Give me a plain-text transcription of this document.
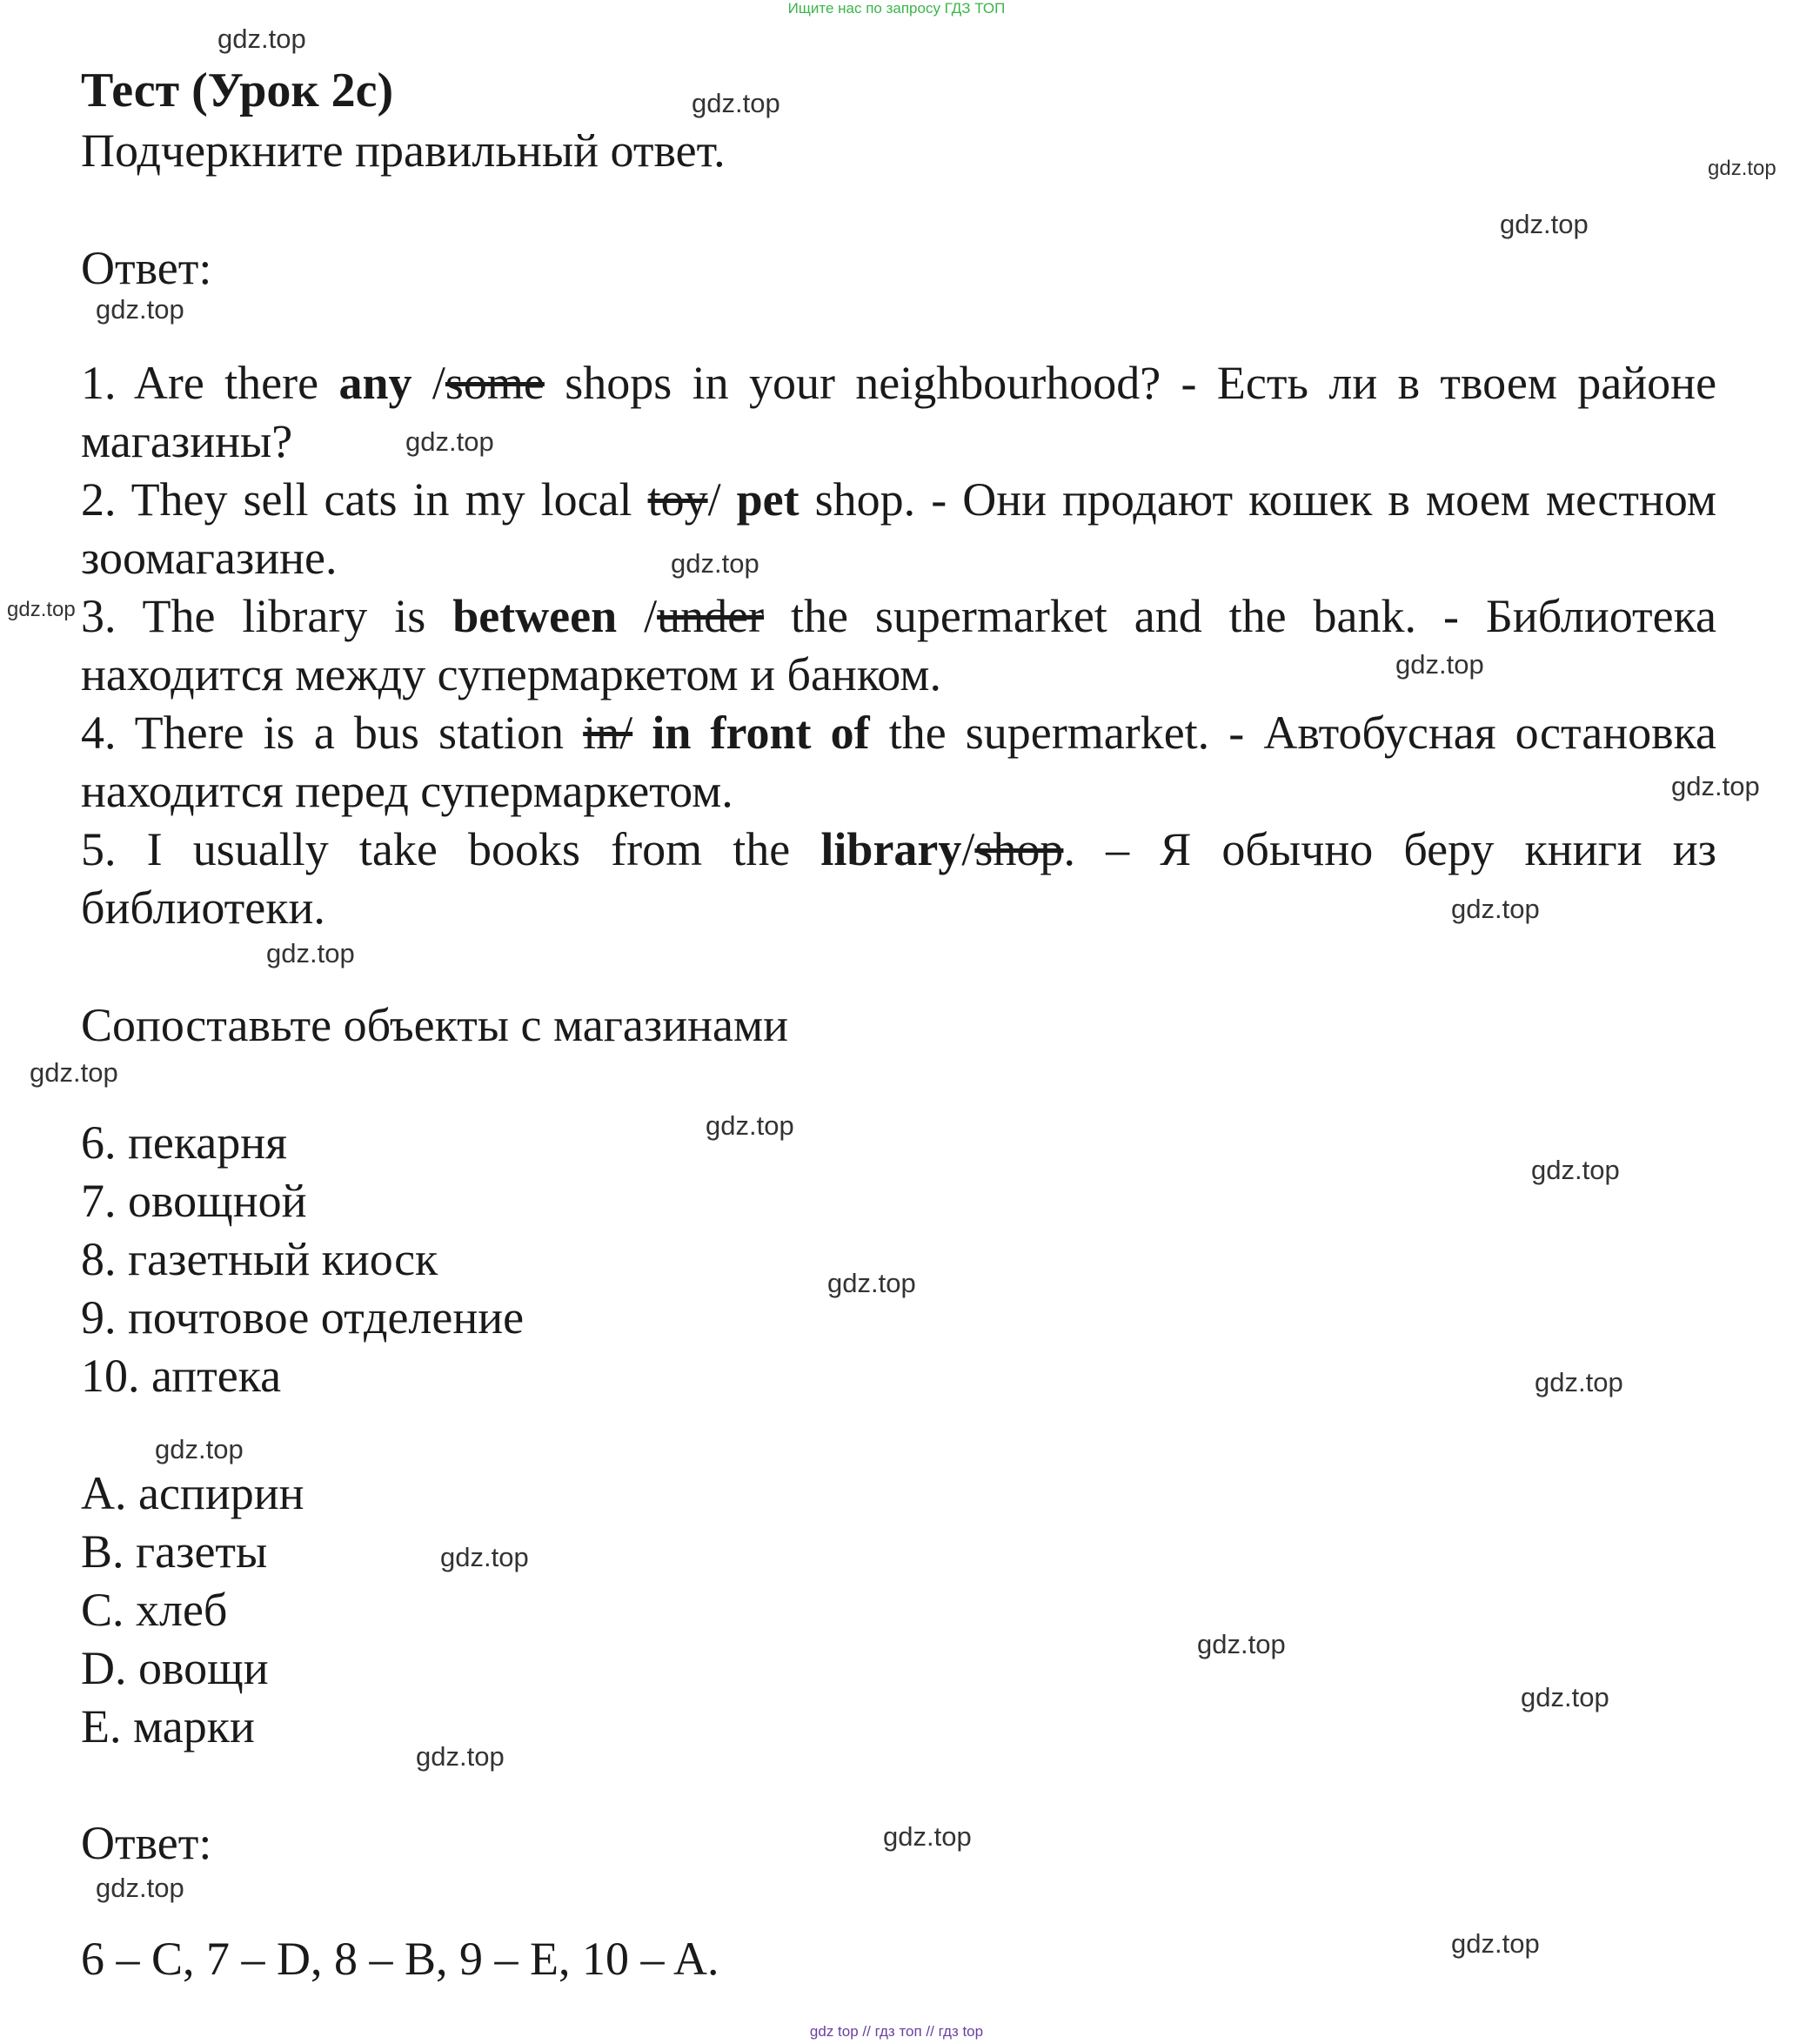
Ищите нас по запросу ГДЗ ТОП
Тест (Урок 2с)
Подчеркните правильный ответ.
Ответ:
1. Are there any /some shops in your neighbourhood? - Есть ли в твоем районе магазины?
2. They sell cats in my local toy/ pet shop. - Они продают кошек в моем местном зоомагазине.
3. The library is between /under the supermarket and the bank. - Библиотека находится между супермаркетом и банком.
4. There is a bus station in/ in front of the supermarket. - Автобусная остановка находится перед супермаркетом.
5. I usually take books from the library/shop. – Я обычно беру книги из библиотеки.
Сопоставьте объекты с магазинами
6. пекарня
7. овощной
8. газетный киоск
9. почтовое отделение
10. аптека
A. аспирин
B. газеты
C. хлеб
D. овощи
E. марки
Ответ:
6 – C, 7 – D, 8 – B, 9 – E, 10 – A.
gdz.top
gdz.top
gdz.top
gdz.top
gdz.top
gdz.top
gdz.top
gdz.top
gdz.top
gdz.top
gdz.top
gdz.top
gdz.top
gdz.top
gdz.top
gdz.top
gdz.top
gdz.top
gdz.top
gdz.top
gdz.top
gdz.top
gdz.top
gdz.top
gdz.top
gdz top // гдз топ // гдз top
